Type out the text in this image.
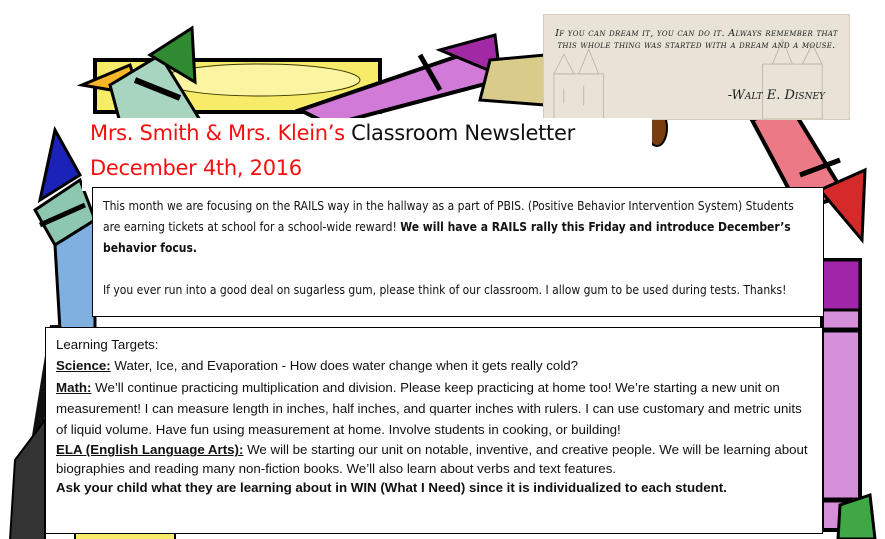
If you can dream it, you can do it. Always remember that this whole thing was started with a dream and a mouse.
-Walt E. Disney
Mrs. Smith & Mrs. Klein’s Classroom Newsletter
December 4th, 2016

This month we are focusing on the RAILS way in the hallway as a part of PBIS. (Positive Behavior Intervention System) Students are earning tickets at school for a school-wide reward! We will have a RAILS rally this Friday and introduce December’s behavior focus.

If you ever run into a good deal on sugarless gum, please think of our classroom. I allow gum to be used during tests. Thanks!

Learning Targets:

Science: Water, Ice, and Evaporation - How does water change when it gets really cold?

Math: We’ll continue practicing multiplication and division. Please keep practicing at home too! We’re starting a new unit on measurement! I can measure length in inches, half inches, and quarter inches with rulers. I can use customary and metric units of liquid volume. Have fun using measurement at home. Involve students in cooking, or building!

ELA (English Language Arts): We will be starting our unit on notable, inventive, and creative people. We will be learning about biographies and reading many non-fiction books. We’ll also learn about verbs and text features.

Ask your child what they are learning about in WIN (What I Need) since it is individualized to each student.
